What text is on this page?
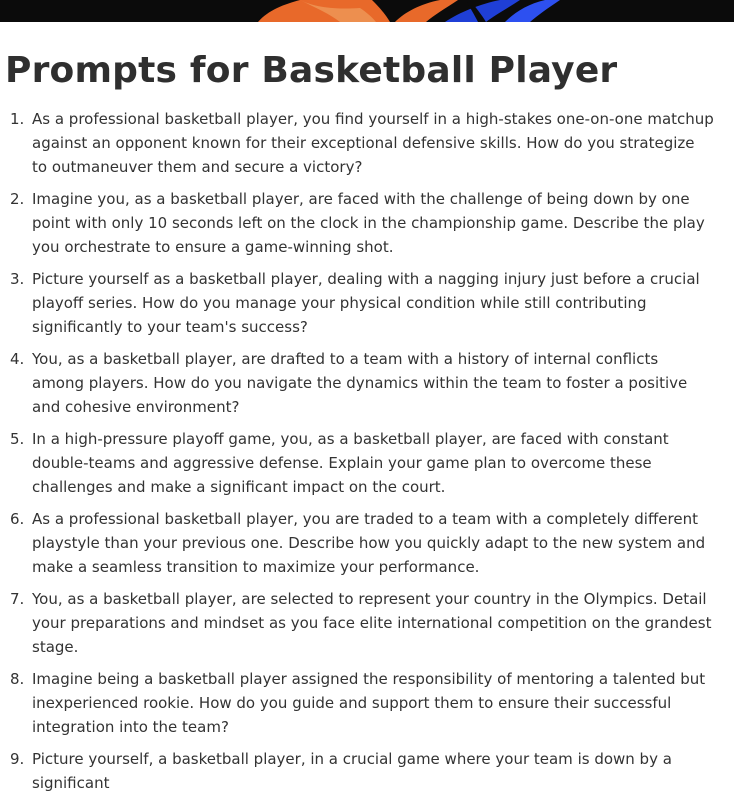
Prompts for Basketball Player
1. As a professional basketball player, you find yourself in a high-stakes one-on-one matchup against an opponent known for their exceptional defensive skills. How do you strategize to outmaneuver them and secure a victory?
2. Imagine you, as a basketball player, are faced with the challenge of being down by one point with only 10 seconds left on the clock in the championship game. Describe the play you orchestrate to ensure a game-winning shot.
3. Picture yourself as a basketball player, dealing with a nagging injury just before a crucial playoff series. How do you manage your physical condition while still contributing significantly to your team's success?
4. You, as a basketball player, are drafted to a team with a history of internal conflicts among players. How do you navigate the dynamics within the team to foster a positive and cohesive environment?
5. In a high-pressure playoff game, you, as a basketball player, are faced with constant double-teams and aggressive defense. Explain your game plan to overcome these challenges and make a significant impact on the court.
6. As a professional basketball player, you are traded to a team with a completely different playstyle than your previous one. Describe how you quickly adapt to the new system and make a seamless transition to maximize your performance.
7. You, as a basketball player, are selected to represent your country in the Olympics. Detail your preparations and mindset as you face elite international competition on the grandest stage.
8. Imagine being a basketball player assigned the responsibility of mentoring a talented but inexperienced rookie. How do you guide and support them to ensure their successful integration into the team?
9. Picture yourself, a basketball player, in a crucial game where your team is down by a significant
